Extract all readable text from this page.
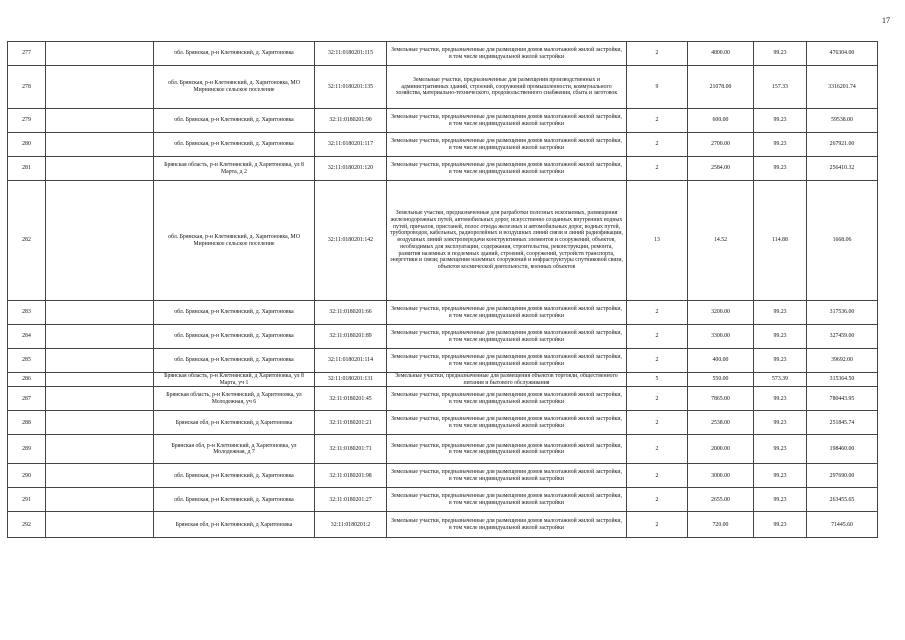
17
277		обл. Брянская, р-н Клетнянский, д. Харитоновка	32:11:0180201:115	Земельные участки, предназначенные для размещения домов малоэтажной жилой застройки, в том числе индивидуальной жилой застройки	2	4800.00	99.23	476304.00
278		обл. Брянская, р-н Клетнянский, д. Харитоновка, МО Мирнинское сельское поселение	32:11:0180201:135	Земельные участки, предназначенные для размещения производственных и административных зданий, строений, сооружений промышленности, коммунального хозяйства, материально-технического, продовольственного снабжения, сбыта и заготовок	9	21078.00	157.33	3316201.74
279		обл. Брянская, р-н Клетнянский, д. Харитоновка	32:11:0180201:90	Земельные участки, предназначенные для размещения домов малоэтажной жилой застройки, в том числе индивидуальной жилой застройки	2	600.00	99.23	59538.00
280		обл. Брянская, р-н Клетнянский, д. Харитоновка	32:11:0180201:117	Земельные участки, предназначенные для размещения домов малоэтажной жилой застройки, в том числе индивидуальной жилой застройки	2	2700.00	99.23	267921.00
281		Брянская область, р-н Клетнянский, д Харитоновка, ул 8 Марта, д 2	32:11:0180201:120	Земельные участки, предназначенные для размещения домов малоэтажной жилой застройки, в том числе индивидуальной жилой застройки	2	2584.00	99.23	256410.32
282		обл. Брянская, р-н Клетнянский, д. Харитоновка, МО Мирнинское сельское поселение	32:11:0180201:142	Земельные участки, предназначенные для разработки полезных ископаемых, размещения железнодорожных путей, автомобильных дорог, искусственно созданных внутренних водных путей, причалов, пристаней, полос отвода железных и автомобильных дорог, водных путей, трубопроводов, кабельных, радиорелейных и воздушных линий связи и линий радиофикации, воздушных линий электропередачи конструктивных элементов и сооружений, объектов, необходимых для эксплуатации, содержания, строительства, реконструкции, ремонта, развития наземных и подземных зданий, строений, сооружений, устройств транспорта, энергетики и связи; размещения наземных сооружений и инфраструктуры спутниковой связи, объектов космической деятельности, военных объектов	13	14.52	114.88	1668.06
283		обл. Брянская, р-н Клетнянский, д. Харитоновка	32:11:0180201:66	Земельные участки, предназначенные для размещения домов малоэтажной жилой застройки, в том числе индивидуальной жилой застройки	2	3200.00	99.23	317536.00
284		обл. Брянская, р-н Клетнянский, д. Харитоновка	32:11:0180201:89	Земельные участки, предназначенные для размещения домов малоэтажной жилой застройки, в том числе индивидуальной жилой застройки	2	3300.00	99.23	327459.00
285		обл. Брянская, р-н Клетнянский, д. Харитоновка	32:11:0180201:114	Земельные участки, предназначенные для размещения домов малоэтажной жилой застройки, в том числе индивидуальной жилой застройки	2	400.00	99.23	39692.00
286		Брянская область, р-н Клетнянский, д Харитоновка, ул 8 Марта, уч 1	32:11:0180201:131	Земельные участки, предназначенные для размещения объектов торговли, общественного питания и бытового обслуживания	5	550.00	573.39	315364.50
287		Брянская область, р-н Клетнянский, д Харитоновка, ул Молодежная, уч 6	32:11:0180201:45	Земельные участки, предназначенные для размещения домов малоэтажной жилой застройки, в том числе индивидуальной жилой застройки	2	7865.00	99.23	780443.95
288		Брянская обл, р-н Клетнянский, д Харитоновка	32:11:0180201:21	Земельные участки, предназначенные для размещения домов малоэтажной жилой застройки, в том числе индивидуальной жилой застройки	2	2538.00	99.23	251845.74
289		Брянская обл, р-н Клетнянский, д Харитоновка, ул Молодежная, д 7	32:11:0180201:71	Земельные участки, предназначенные для размещения домов малоэтажной жилой застройки, в том числе индивидуальной жилой застройки	2	2000.00	99.23	198460.00
290		обл. Брянская, р-н Клетнянский, д. Харитоновка	32:11:0180201:98	Земельные участки, предназначенные для размещения домов малоэтажной жилой застройки, в том числе индивидуальной жилой застройки	2	3000.00	99.23	297690.00
291		обл. Брянская, р-н Клетнянский, д. Харитоновка	32:11:0180201:27	Земельные участки, предназначенные для размещения домов малоэтажной жилой застройки, в том числе индивидуальной жилой застройки	2	2655.00	99.23	263455.65
292		Брянская обл, р-н Клетнянский, д Харитоновка	32:11:0180201:2	Земельные участки, предназначенные для размещения домов малоэтажной жилой застройки, в том числе индивидуальной жилой застройки	2	720.00	99.23	71445.60
